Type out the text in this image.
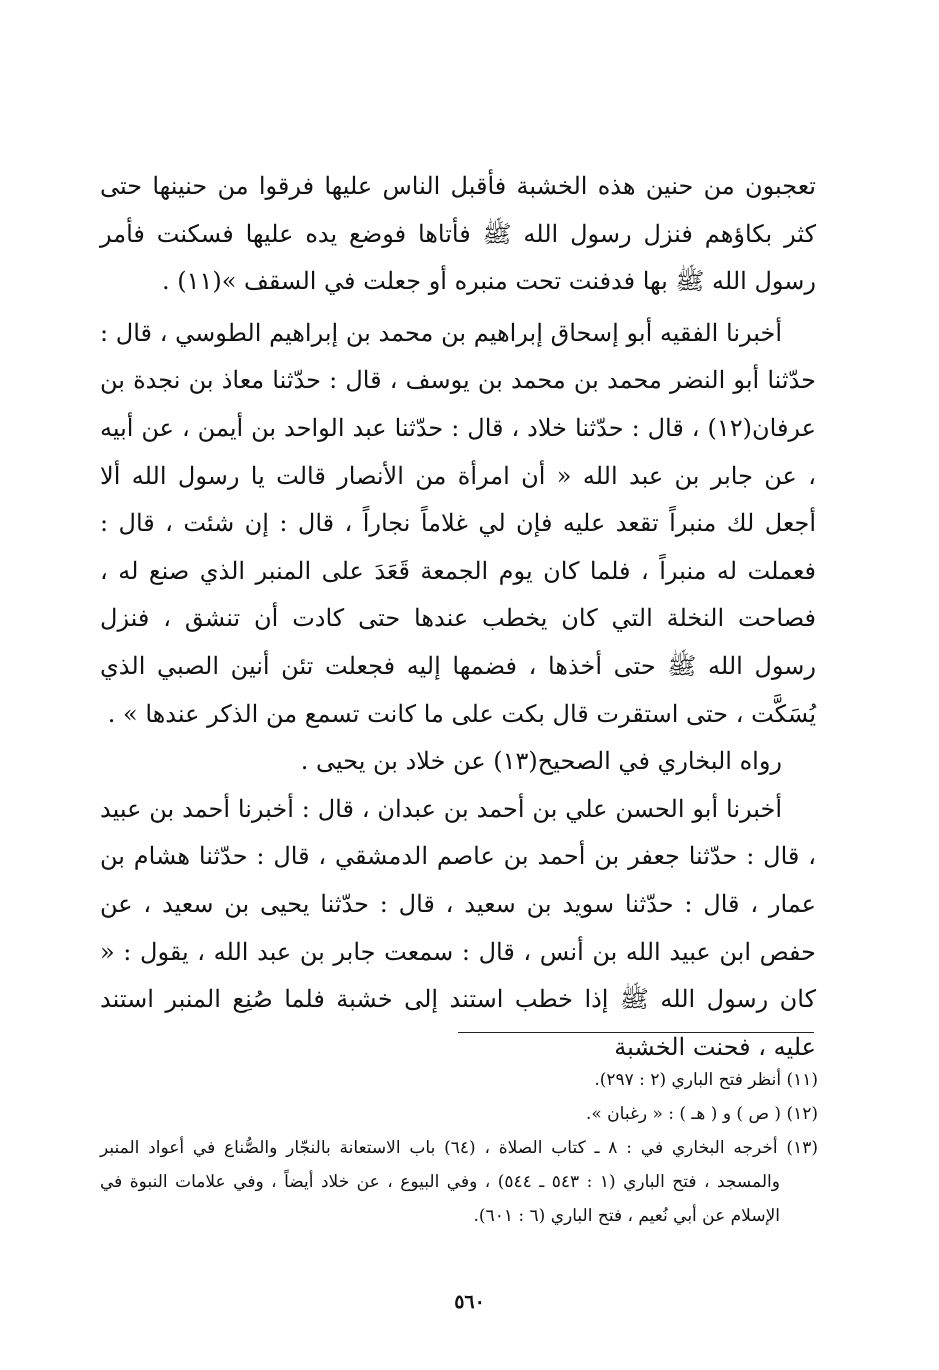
تعجبون من حنين هذه الخشبة فأقبل الناس عليها فرقوا من حنينها حتى كثر بكاؤهم فنزل رسول الله ﷺ فأتاها فوضع يده عليها فسكنت فأمر رسول الله ﷺ بها فدفنت تحت منبره أو جعلت في السقف »(١١) .

أخبرنا الفقيه أبو إسحاق إبراهيم بن محمد بن إبراهيم الطوسي ، قال : حدّثنا أبو النضر محمد بن محمد بن يوسف ، قال : حدّثنا معاذ بن نجدة بن عرفان(١٢) ، قال : حدّثنا خلاد ، قال : حدّثنا عبد الواحد بن أيمن ، عن أبيه ، عن جابر بن عبد الله « أن امرأة من الأنصار قالت يا رسول الله ألا أجعل لك منبراً تقعد عليه فإن لي غلاماً نجاراً ، قال : إن شئت ، قال : فعملت له منبراً ، فلما كان يوم الجمعة قَعَدَ على المنبر الذي صنع له ، فصاحت النخلة التي كان يخطب عندها حتى كادت أن تنشق ، فنزل رسول الله ﷺ حتى أخذها ، فضمها إليه فجعلت تئن أنين الصبي الذي يُسَكَّت ، حتى استقرت قال بكت على ما كانت تسمع من الذكر عندها » .

رواه البخاري في الصحيح(١٣) عن خلاد بن يحيى .

أخبرنا أبو الحسن علي بن أحمد بن عبدان ، قال : أخبرنا أحمد بن عبيد ، قال : حدّثنا جعفر بن أحمد بن عاصم الدمشقي ، قال : حدّثنا هشام بن عمار ، قال : حدّثنا سويد بن سعيد ، قال : حدّثنا يحيى بن سعيد ، عن حفص ابن عبيد الله بن أنس ، قال : سمعت جابر بن عبد الله ، يقول : « كان رسول الله ﷺ إذا خطب استند إلى خشبة فلما صُنِع المنبر استند عليه ، فحنت الخشبة

(١١) أنظر فتح الباري (٢ : ٢٩٧).

(١٢) ( ص ) و ( هـ ) : « رغبان ».

(١٣) أخرجه البخاري في : ٨ ـ كتاب الصلاة ، (٦٤) باب الاستعانة بالنجّار والصُّناع في أعواد المنبر والمسجد ، فتح الباري (١ : ٥٤٣ ـ ٥٤٤) ، وفي البيوع ، عن خلاد أيضاً ، وفي علامات النبوة في الإسلام عن أبي نُعيم ، فتح الباري (٦ : ٦٠١).

٥٦٠
